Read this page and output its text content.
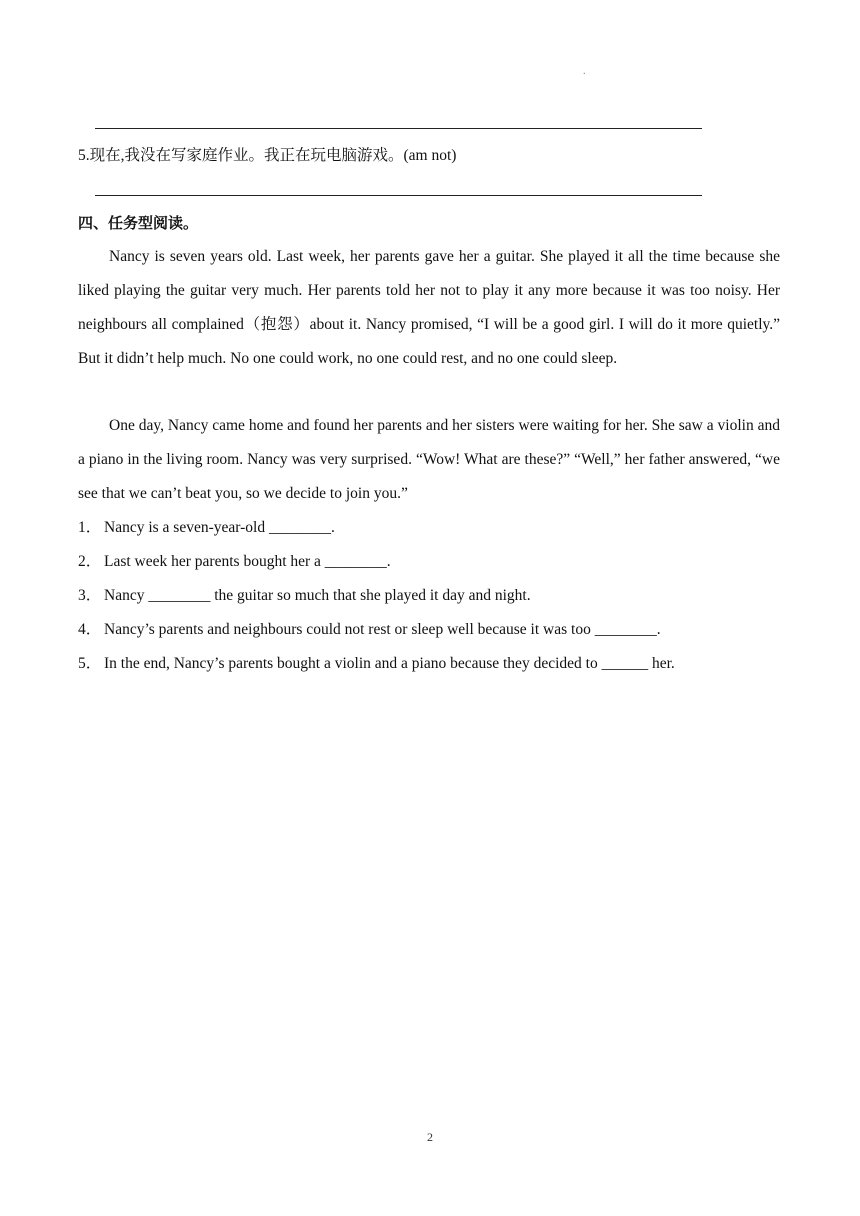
.
5.现在,我没在写家庭作业。我正在玩电脑游戏。(am not)
四、任务型阅读。

Nancy is seven years old. Last week, her parents gave her a guitar. She played it all the time because she liked playing the guitar very much. Her parents told her not to play it any more because it was too noisy. Her neighbours all complained（抱怨）about it. Nancy promised, “I will be a good girl. I will do it more quietly.” But it didn’t help much. No one could work, no one could rest, and no one could sleep.

One day, Nancy came home and found her parents and her sisters were waiting for her. She saw a violin and a piano in the living room. Nancy was very surprised. “Wow! What are these?” “Well,” her father answered, “we see that we can’t beat you, so we decide to join you.”

1． Nancy is a seven-year-old ________.
2． Last week her parents bought her a ________.
3． Nancy ________ the guitar so much that she played it day and night.
4． Nancy’s parents and neighbours could not rest or sleep well because it was too ________.
5． In the end, Nancy’s parents bought a violin and a piano because they decided to ______ her.
2
